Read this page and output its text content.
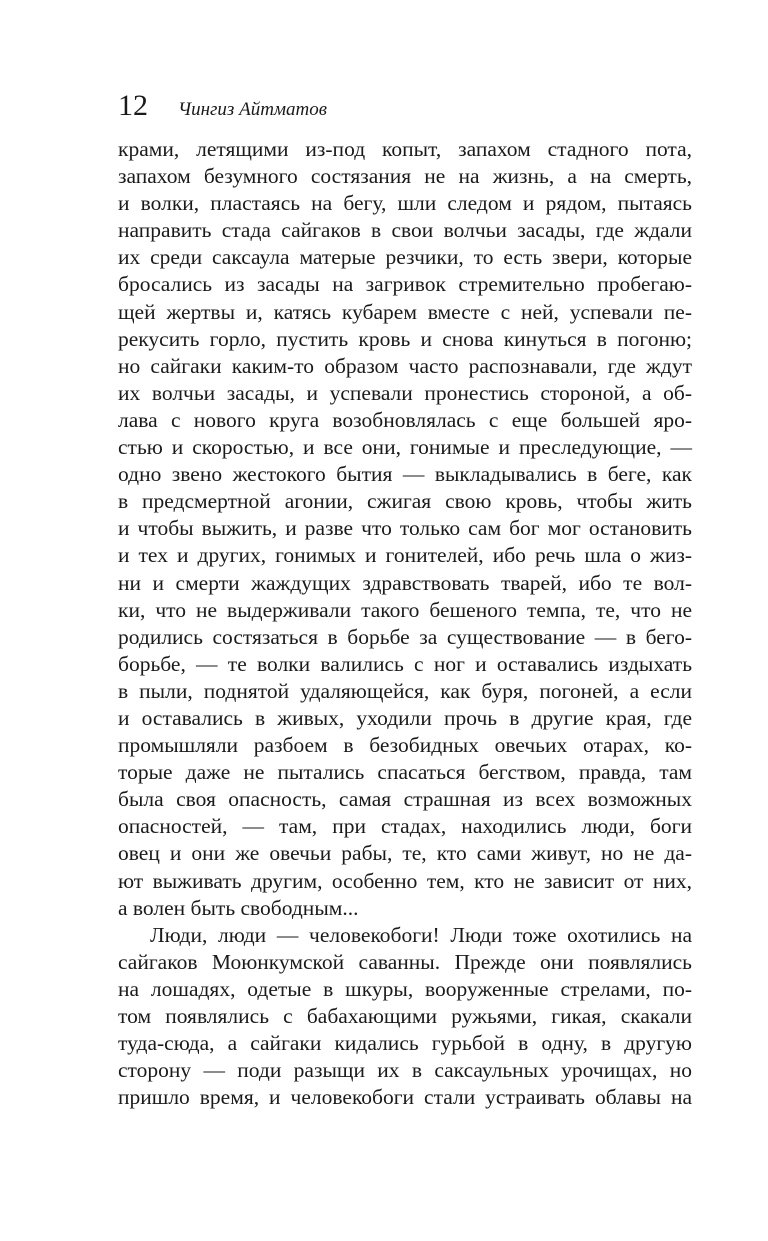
12 Чингиз Айтматов
крами, летящими из-под копыт, запахом стадного пота,
запахом безумного состязания не на жизнь, а на смерть,
и волки, пластаясь на бегу, шли следом и рядом, пытаясь
направить стада сайгаков в свои волчьи засады, где ждали
их среди саксаула матерые резчики, то есть звери, которые
бросались из засады на загривок стремительно пробегаю-
щей жертвы и, катясь кубарем вместе с ней, успевали пе-
рекусить горло, пустить кровь и снова кинуться в погоню;
но сайгаки каким-то образом часто распознавали, где ждут
их волчьи засады, и успевали пронестись стороной, а об-
лава с нового круга возобновлялась с еще большей яро-
стью и скоростью, и все они, гонимые и преследующие, —
одно звено жестокого бытия — выкладывались в беге, как
в предсмертной агонии, сжигая свою кровь, чтобы жить
и чтобы выжить, и разве что только сам бог мог остановить
и тех и других, гонимых и гонителей, ибо речь шла о жиз-
ни и смерти жаждущих здравствовать тварей, ибо те вол-
ки, что не выдерживали такого бешеного темпа, те, что не
родились состязаться в борьбе за существование — в бего-
борьбе, — те волки валились с ног и оставались издыхать
в пыли, поднятой удаляющейся, как буря, погоней, а если
и оставались в живых, уходили прочь в другие края, где
промышляли разбоем в безобидных овечьих отарах, ко-
торые даже не пытались спасаться бегством, правда, там
была своя опасность, самая страшная из всех возможных
опасностей, — там, при стадах, находились люди, боги
овец и они же овечьи рабы, те, кто сами живут, но не да-
ют выживать другим, особенно тем, кто не зависит от них,
а волен быть свободным...
Люди, люди — человекобоги! Люди тоже охотились на
сайгаков Моюнкумской саванны. Прежде они появлялись
на лошадях, одетые в шкуры, вооруженные стрелами, по-
том появлялись с бабахающими ружьями, гикая, скакали
туда-сюда, а сайгаки кидались гурьбой в одну, в другую
сторону — поди разыщи их в саксаульных урочищах, но
пришло время, и человекобоги стали устраивать облавы на
